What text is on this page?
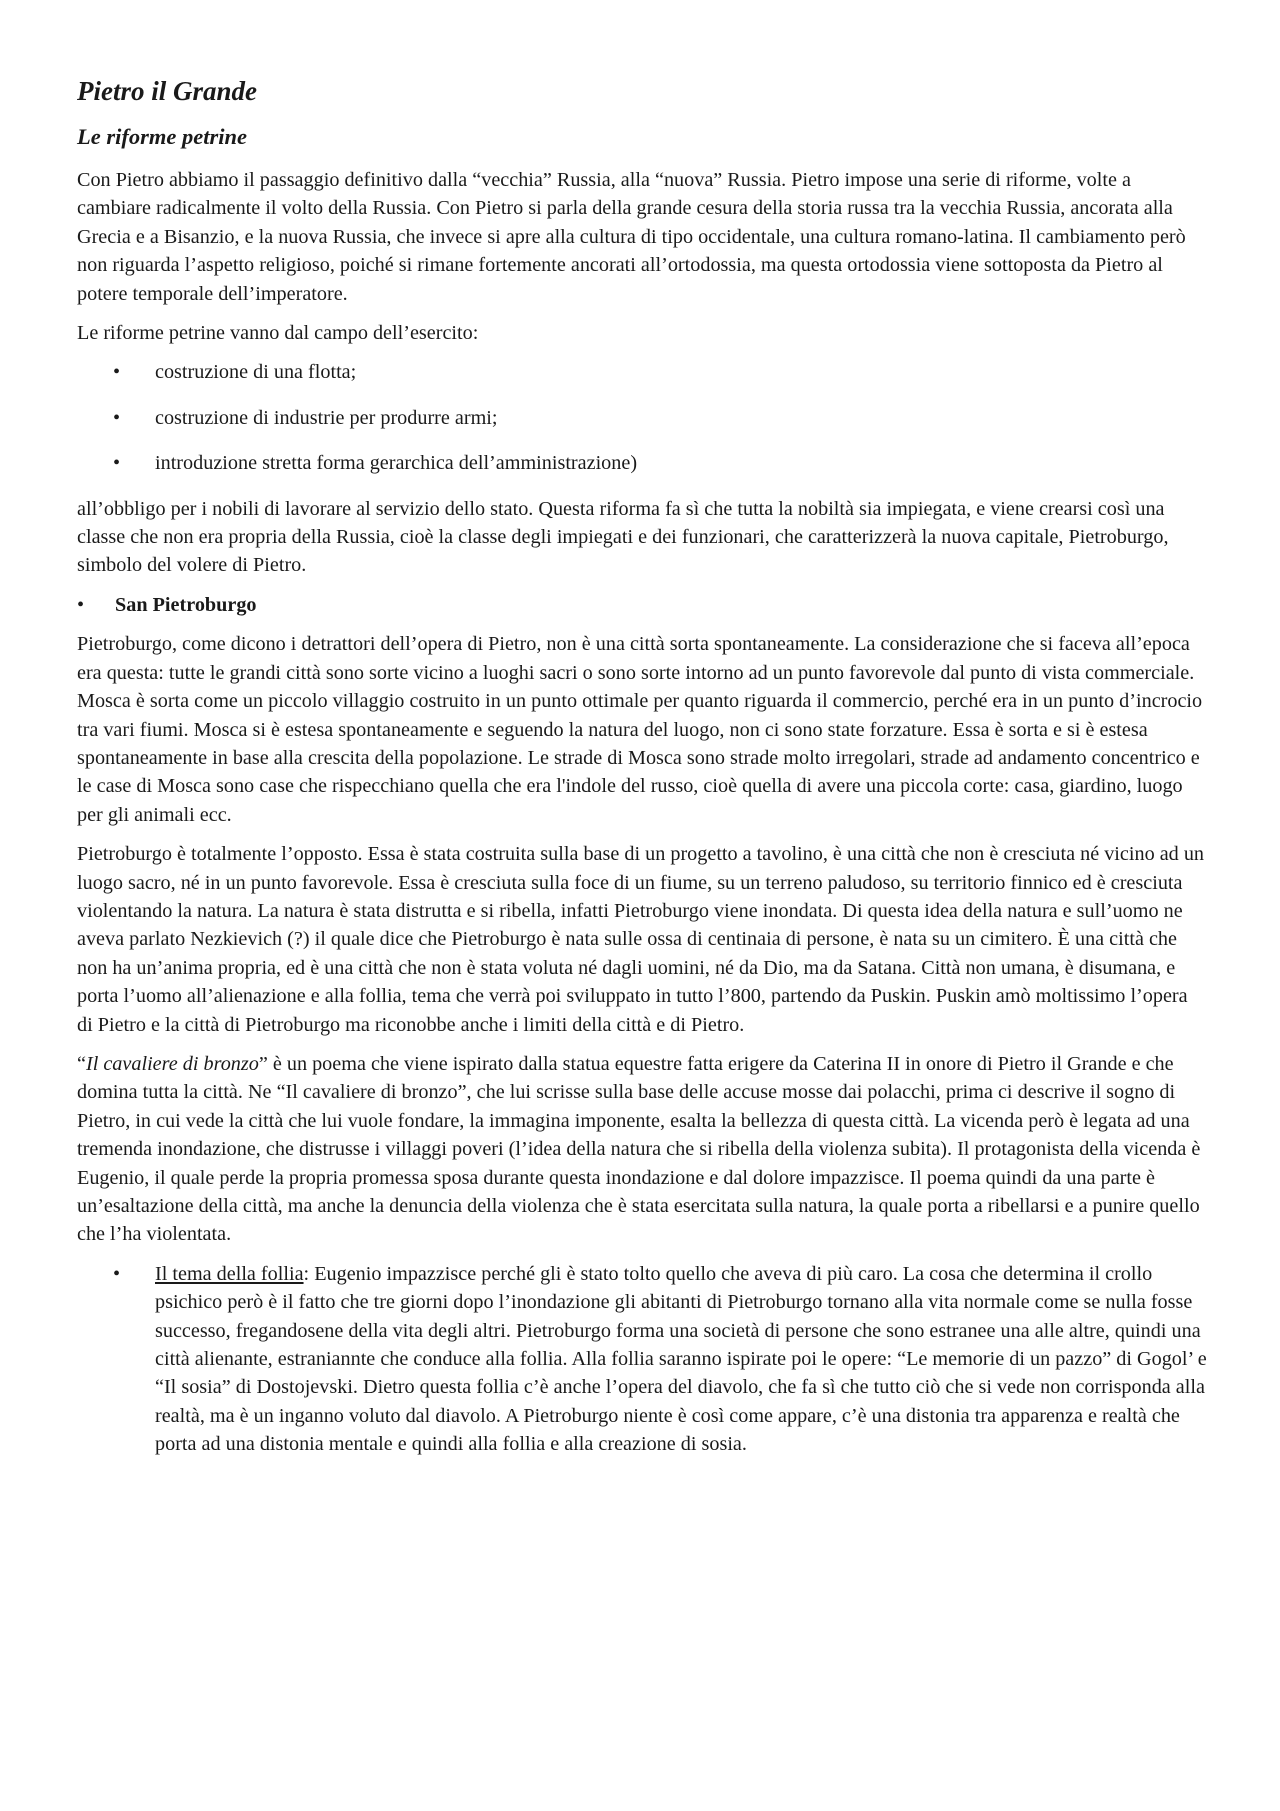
Pietro il Grande
Le riforme petrine

Con Pietro abbiamo il passaggio definitivo dalla “vecchia” Russia, alla “nuova” Russia. Pietro impose una serie di riforme, volte a cambiare radicalmente il volto della Russia. Con Pietro si parla della grande cesura della storia russa tra la vecchia Russia, ancorata alla Grecia e a Bisanzio, e la nuova Russia, che invece si apre alla cultura di tipo occidentale, una cultura romano-latina. Il cambiamento però non riguarda l’aspetto religioso, poiché si rimane fortemente ancorati all’ortodossia, ma questa ortodossia viene sottoposta da Pietro al potere temporale dell’imperatore.

Le riforme petrine vanno dal campo dell’esercito:

• costruzione di una flotta;
• costruzione di industrie per produrre armi;
• introduzione stretta forma gerarchica dell’amministrazione)

all’obbligo per i nobili di lavorare al servizio dello stato. Questa riforma fa sì che tutta la nobiltà sia impiegata, e viene crearsi così una classe che non era propria della Russia, cioè la classe degli impiegati e dei funzionari, che caratterizzerà la nuova capitale, Pietroburgo, simbolo del volere di Pietro.

• San Pietroburgo

Pietroburgo, come dicono i detrattori dell’opera di Pietro, non è una città sorta spontaneamente. La considerazione che si faceva all’epoca era questa: tutte le grandi città sono sorte vicino a luoghi sacri o sono sorte intorno ad un punto favorevole dal punto di vista commerciale. Mosca è sorta come un piccolo villaggio costruito in un punto ottimale per quanto riguarda il commercio, perché era in un punto d’incrocio tra vari fiumi. Mosca si è estesa spontaneamente e seguendo la natura del luogo, non ci sono state forzature. Essa è sorta e si è estesa spontaneamente in base alla crescita della popolazione. Le strade di Mosca sono strade molto irregolari, strade ad andamento concentrico e le case di Mosca sono case che rispecchiano quella che era l'indole del russo, cioè quella di avere una piccola corte: casa, giardino, luogo per gli animali ecc.

Pietroburgo è totalmente l’opposto. Essa è stata costruita sulla base di un progetto a tavolino, è una città che non è cresciuta né vicino ad un luogo sacro, né in un punto favorevole. Essa è cresciuta sulla foce di un fiume, su un terreno paludoso, su territorio finnico ed è cresciuta violentando la natura. La natura è stata distrutta e si ribella, infatti Pietroburgo viene inondata. Di questa idea della natura e sull’uomo ne aveva parlato Nezkievich (?) il quale dice che Pietroburgo è nata sulle ossa di centinaia di persone, è nata su un cimitero. È una città che non ha un’anima propria, ed è una città che non è stata voluta né dagli uomini, né da Dio, ma da Satana. Città non umana, è disumana, e porta l’uomo all’alienazione e alla follia, tema che verrà poi sviluppato in tutto l’800, partendo da Puskin. Puskin amò moltissimo l’opera di Pietro e la città di Pietroburgo ma riconobbe anche i limiti della città e di Pietro.

“Il cavaliere di bronzo” è un poema che viene ispirato dalla statua equestre fatta erigere da Caterina II in onore di Pietro il Grande e che domina tutta la città. Ne “Il cavaliere di bronzo”, che lui scrisse sulla base delle accuse mosse dai polacchi, prima ci descrive il sogno di Pietro, in cui vede la città che lui vuole fondare, la immagina imponente, esalta la bellezza di questa città. La vicenda però è legata ad una tremenda inondazione, che distrusse i villaggi poveri (l’idea della natura che si ribella della violenza subita). Il protagonista della vicenda è Eugenio, il quale perde la propria promessa sposa durante questa inondazione e dal dolore impazzisce. Il poema quindi da una parte è un’esaltazione della città, ma anche la denuncia della violenza che è stata esercitata sulla natura, la quale porta a ribellarsi e a punire quello che l’ha violentata.

• Il tema della follia: Eugenio impazzisce perché gli è stato tolto quello che aveva di più caro. La cosa che determina il crollo psichico però è il fatto che tre giorni dopo l’inondazione gli abitanti di Pietroburgo tornano alla vita normale come se nulla fosse successo, fregandosene della vita degli altri. Pietroburgo forma una società di persone che sono estranee una alle altre, quindi una città alienante, estraniannte che conduce alla follia. Alla follia saranno ispirate poi le opere: “Le memorie di un pazzo” di Gogol’ e “Il sosia” di Dostojevski. Dietro questa follia c’è anche l’opera del diavolo, che fa sì che tutto ciò che si vede non corrisponda alla realtà, ma è un inganno voluto dal diavolo. A Pietroburgo niente è così come appare, c’è una distonia tra apparenza e realtà che porta ad una distonia mentale e quindi alla follia e alla creazione di sosia.
